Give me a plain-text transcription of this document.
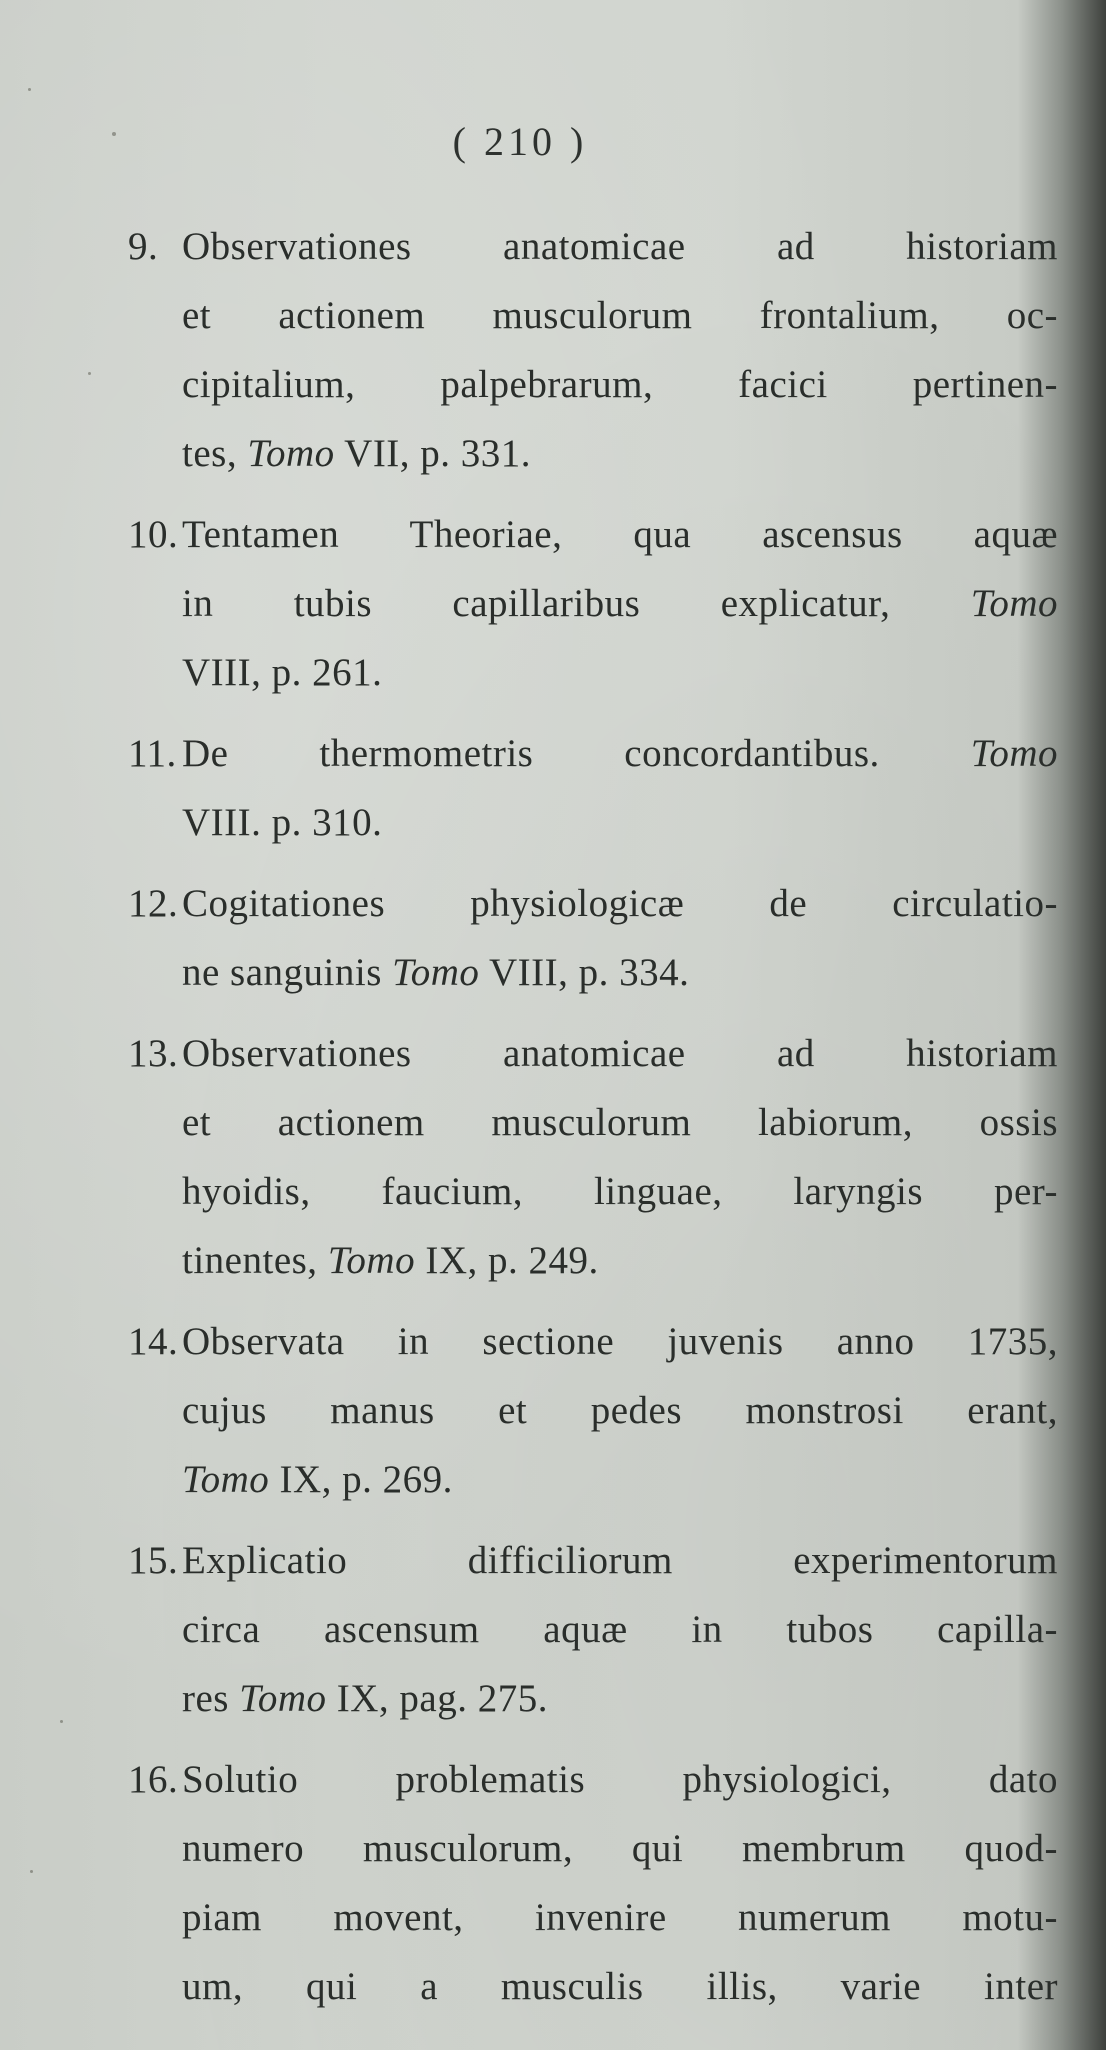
( 210 )
9. Observationes anatomicae ad historiam
et actionem musculorum frontalium, oc-
cipitalium, palpebrarum, facici pertinen-
tes, Tomo VII, p. 331.
10.Tentamen Theoriae, qua ascensus aquæ
in tubis capillaribus explicatur, Tomo
VIII, p. 261.
11. De thermometris concordantibus. Tomo
VIII. p. 310.
12.Cogitationes physiologicæ de circulatio-
ne sanguinis Tomo VIII, p. 334.
13.Observationes anatomicae ad historiam
et actionem musculorum labiorum, ossis
hyoidis, faucium, linguae, laryngis per-
tinentes, Tomo IX, p. 249.
14.Observata in sectione juvenis anno 1735,
cujus manus et pedes monstrosi erant,
Tomo IX, p. 269.
15.Explicatio difficiliorum experimentorum
circa ascensum aquæ in tubos capilla-
res Tomo IX, pag. 275.
16.Solutio problematis physiologici, dato
numero musculorum, qui membrum quod-
piam movent, invenire numerum motu-
um, qui a musculis illis, varie inter
